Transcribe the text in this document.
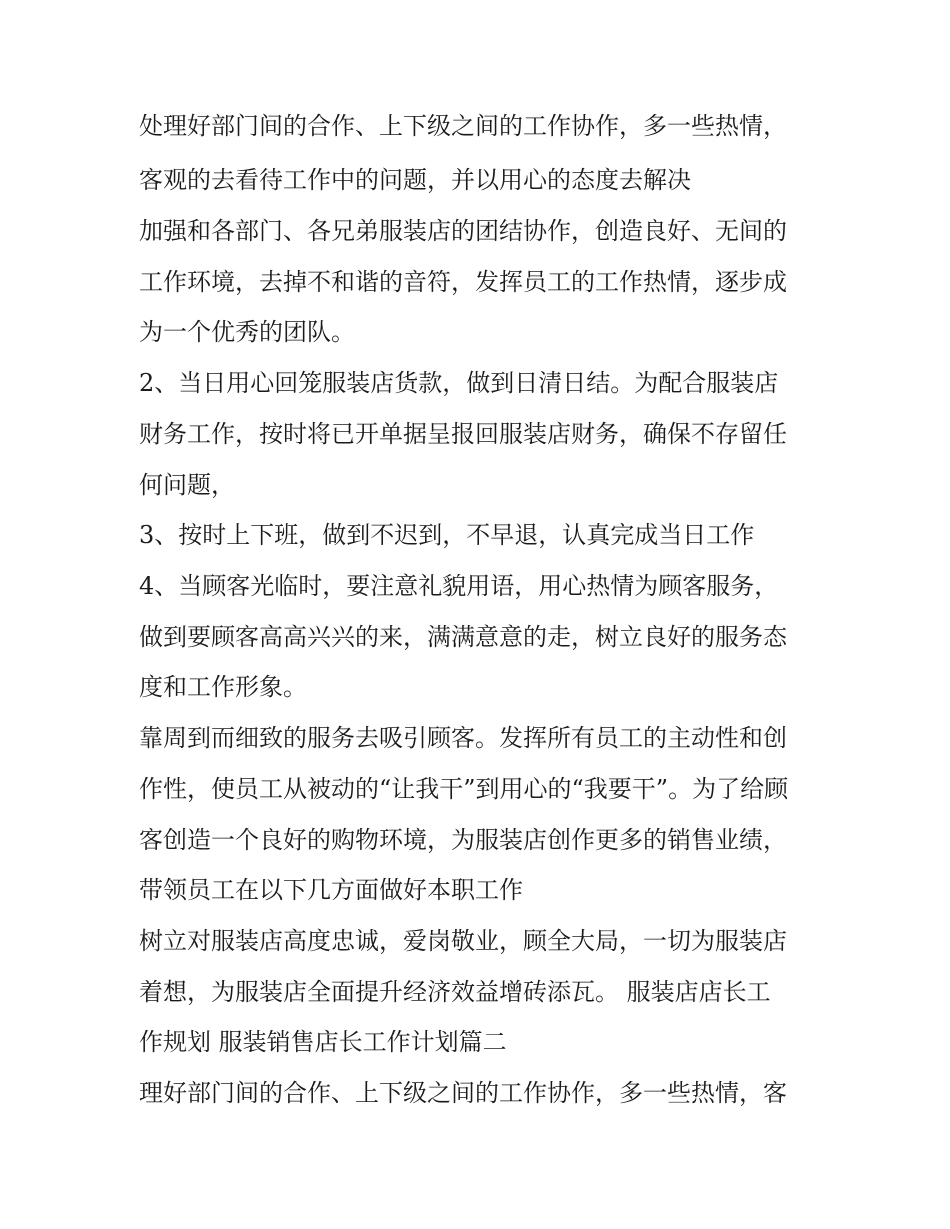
处理好部门间的合作、上下级之间的工作协作，多一些热情，
客观的去看待工作中的问题，并以用心的态度去解决
加强和各部门、各兄弟服装店的团结协作，创造良好、无间的
工作环境，去掉不和谐的音符，发挥员工的工作热情，逐步成
为一个优秀的团队。
2、当日用心回笼服装店货款，做到日清日结。为配合服装店
财务工作，按时将已开单据呈报回服装店财务，确保不存留任
何问题，
3、按时上下班，做到不迟到，不早退，认真完成当日工作
4、当顾客光临时，要注意礼貌用语，用心热情为顾客服务，
做到要顾客高高兴兴的来，满满意意的走，树立良好的服务态
度和工作形象。
靠周到而细致的服务去吸引顾客。发挥所有员工的主动性和创
作性，使员工从被动的“让我干”到用心的“我要干”。为了给顾
客创造一个良好的购物环境，为服装店创作更多的销售业绩，
带领员工在以下几方面做好本职工作
树立对服装店高度忠诚，爱岗敬业，顾全大局，一切为服装店
着想，为服装店全面提升经济效益增砖添瓦。 服装店店长工
作规划 服装销售店长工作计划篇二
理好部门间的合作、上下级之间的工作协作，多一些热情，客
